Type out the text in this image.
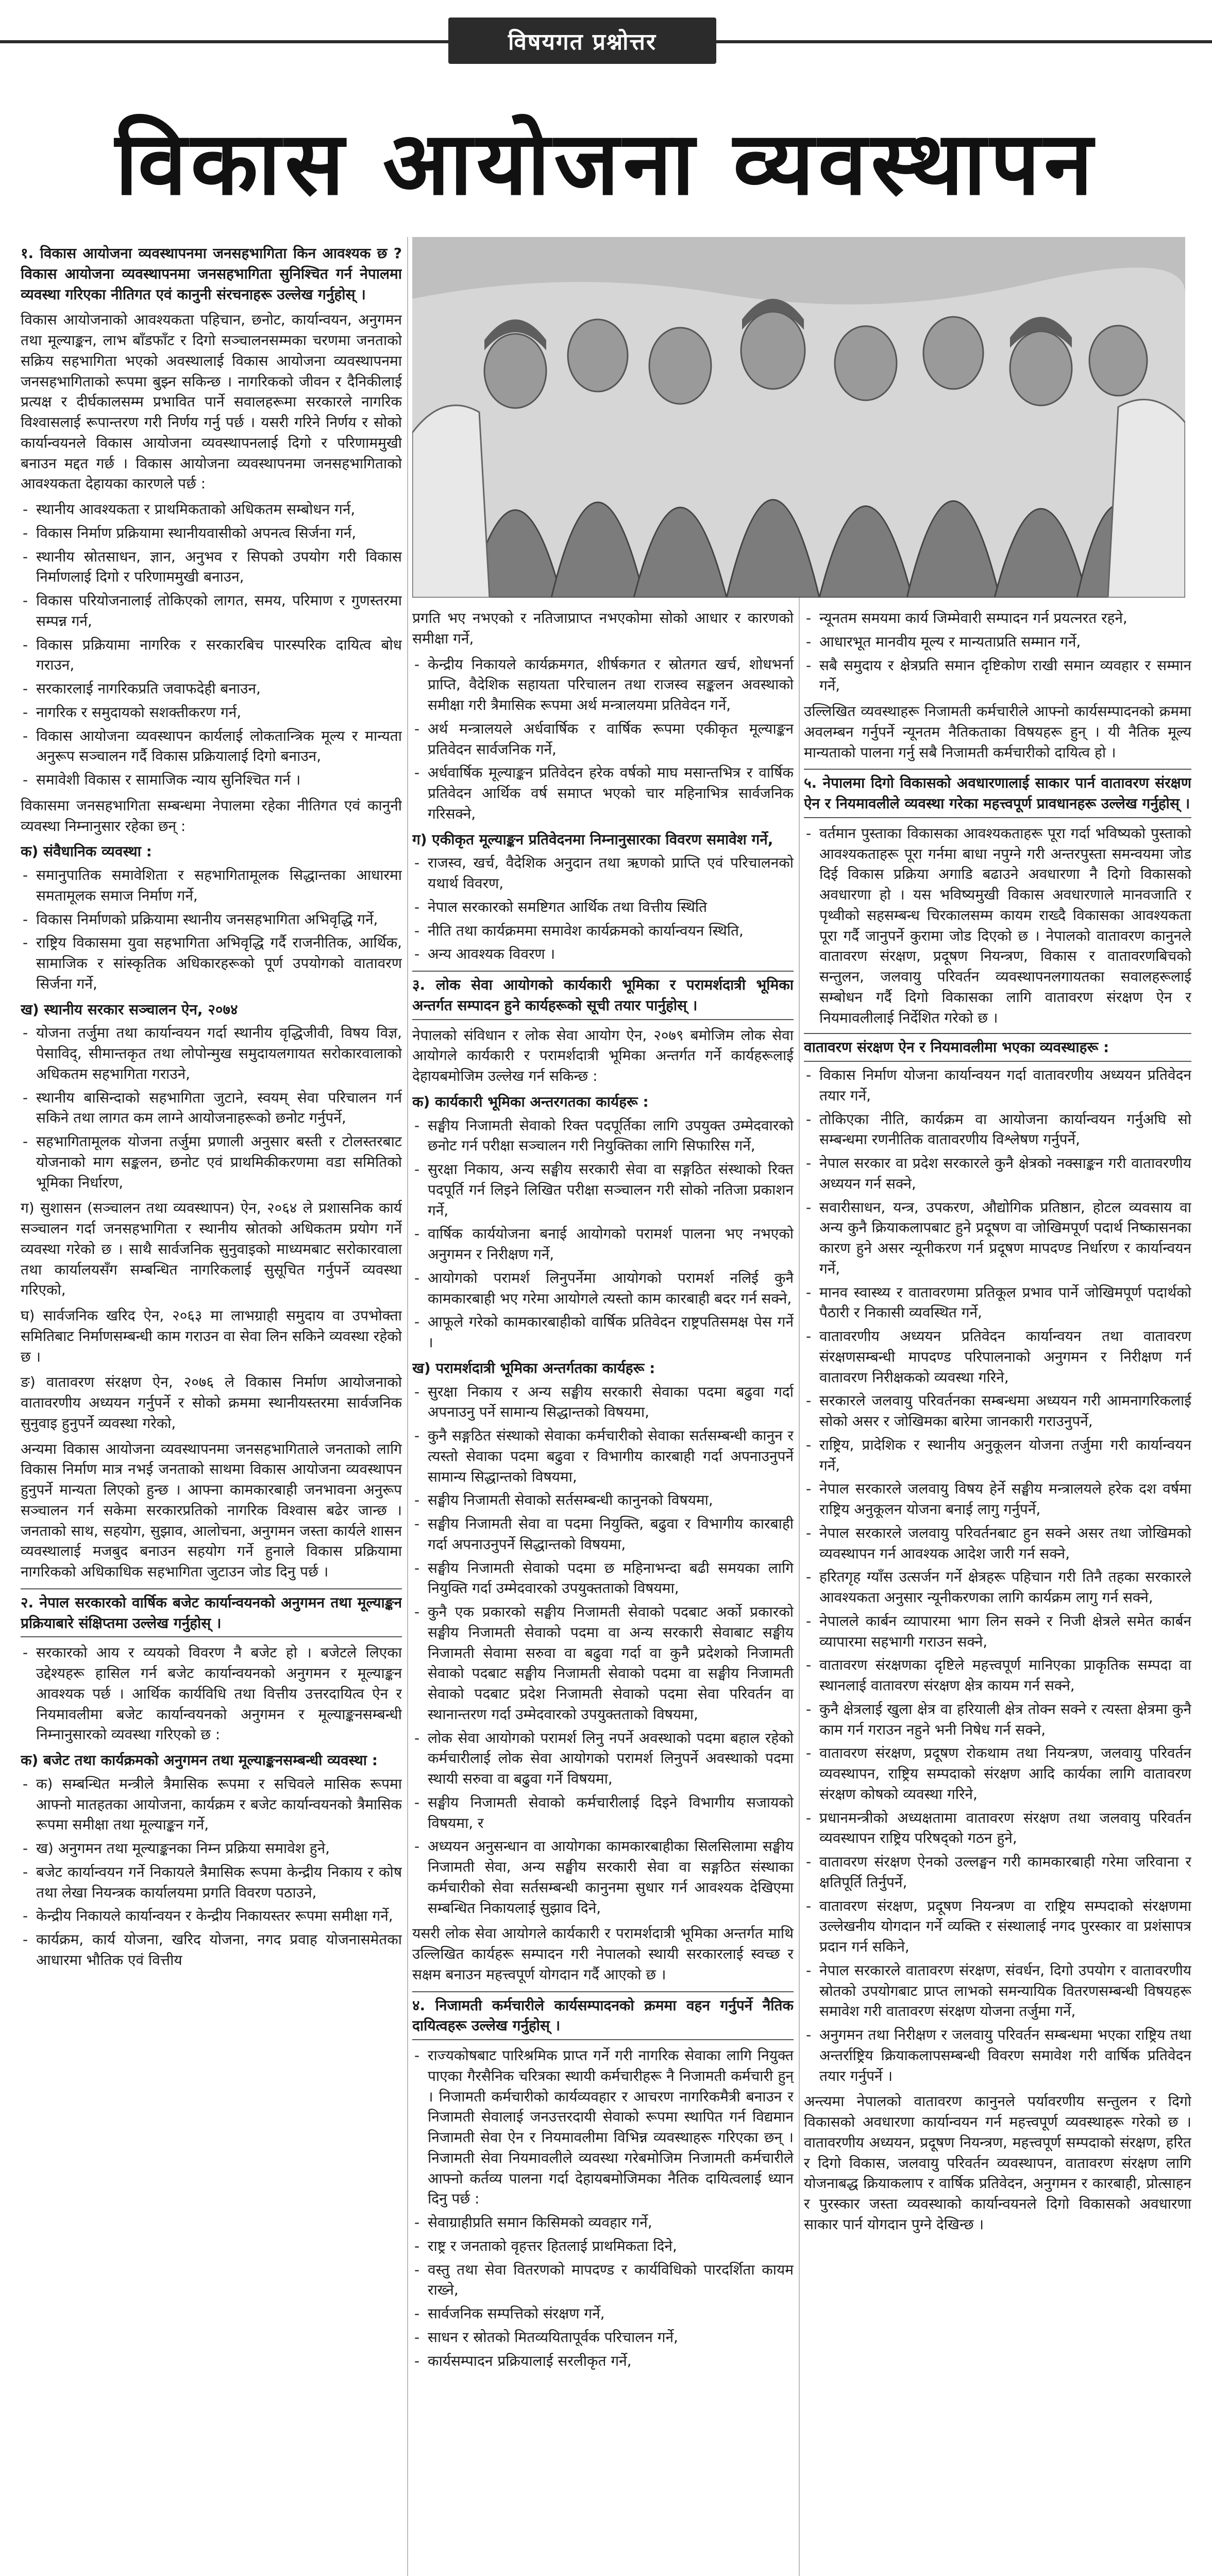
विषयगत प्रश्नोत्तर
विकास आयोजना व्यवस्थापन

१. विकास आयोजना व्यवस्थापनमा जनसहभागिता किन आवश्यक छ ? विकास आयोजना व्यवस्थापनमा जनसहभागिता सुनिश्चित गर्न नेपालमा व्यवस्था गरिएका नीतिगत एवं कानुनी संरचनाहरू उल्लेख गर्नुहोस् ।

विकास आयोजनाको आवश्यकता पहिचान, छनोट, कार्यान्वयन, अनुगमन तथा मूल्याङ्कन, लाभ बाँडफाँट र दिगो सञ्चालनसम्मका चरणमा जनताको सक्रिय सहभागिता भएको अवस्थालाई विकास आयोजना व्यवस्थापनमा जनसहभागिताको रूपमा बुझ्न सकिन्छ । नागरिकको जीवन र दैनिकीलाई प्रत्यक्ष र दीर्घकालसम्म प्रभावित पार्ने सवालहरूमा सरकारले नागरिक विश्वासलाई रूपान्तरण गरी निर्णय गर्नु पर्छ । यसरी गरिने निर्णय र सोको कार्यान्वयनले विकास आयोजना व्यवस्थापनलाई दिगो र परिणाममुखी बनाउन मद्दत गर्छ । विकास आयोजना व्यवस्थापनमा जनसहभागिताको आवश्यकता देहायका कारणले पर्छ :

- स्थानीय आवश्यकता र प्राथमिकताको अधिकतम सम्बोधन गर्न,
- विकास निर्माण प्रक्रियामा स्थानीयवासीको अपनत्व सिर्जना गर्न,
- स्थानीय स्रोतसाधन, ज्ञान, अनुभव र सिपको उपयोग गरी विकास निर्माणलाई दिगो र परिणाममुखी बनाउन,
- विकास परियोजनालाई तोकिएको लागत, समय, परिमाण र गुणस्तरमा सम्पन्न गर्न,
- विकास प्रक्रियामा नागरिक र सरकारबिच पारस्परिक दायित्व बोध गराउन,
- सरकारलाई नागरिकप्रति जवाफदेही बनाउन,
- नागरिक र समुदायको सशक्तीकरण गर्न,
- विकास आयोजना व्यवस्थापन कार्यलाई लोकतान्त्रिक मूल्य र मान्यता अनुरूप सञ्चालन गर्दै विकास प्रक्रियालाई दिगो बनाउन,
- समावेशी विकास र सामाजिक न्याय सुनिश्चित गर्न ।

विकासमा जनसहभागिता सम्बन्धमा नेपालमा रहेका नीतिगत एवं कानुनी व्यवस्था निम्नानुसार रहेका छन् :

क) संवैधानिक व्यवस्था :

- समानुपातिक समावेशिता र सहभागितामूलक सिद्धान्तका आधारमा समतामूलक समाज निर्माण गर्ने,
- विकास निर्माणको प्रक्रियामा स्थानीय जनसहभागिता अभिवृद्धि गर्ने,
- राष्ट्रिय विकासमा युवा सहभागिता अभिवृद्धि गर्दै राजनीतिक, आर्थिक, सामाजिक र सांस्कृतिक अधिकारहरूको पूर्ण उपयोगको वातावरण सिर्जना गर्ने,

ख) स्थानीय सरकार सञ्चालन ऐन, २०७४

- योजना तर्जुमा तथा कार्यान्वयन गर्दा स्थानीय वृद्धिजीवी, विषय विज्ञ, पेसाविद्, सीमान्तकृत तथा लोपोन्मुख समुदायलगायत सरोकारवालाको अधिकतम सहभागिता गराउने,
- स्थानीय बासिन्दाको सहभागिता जुटाने, स्वयम् सेवा परिचालन गर्न सकिने तथा लागत कम लाग्ने आयोजनाहरूको छनोट गर्नुपर्ने,
- सहभागितामूलक योजना तर्जुमा प्रणाली अनुसार बस्ती र टोलस्तरबाट योजनाको माग सङ्कलन, छनोट एवं प्राथमिकीकरणमा वडा समितिको भूमिका निर्धारण,

ग) सुशासन (सञ्चालन तथा व्यवस्थापन) ऐन, २०६४ ले प्रशासनिक कार्य सञ्चालन गर्दा जनसहभागिता र स्थानीय स्रोतको अधिकतम प्रयोग गर्ने व्यवस्था गरेको छ । साथै सार्वजनिक सुनुवाइको माध्यमबाट सरोकारवाला तथा कार्यालयसँग सम्बन्धित नागरिकलाई सुसूचित गर्नुपर्ने व्यवस्था गरिएको,

घ) सार्वजनिक खरिद ऐन, २०६३ मा लाभग्राही समुदाय वा उपभोक्ता समितिबाट निर्माणसम्बन्धी काम गराउन वा सेवा लिन सकिने व्यवस्था रहेको छ ।

ङ) वातावरण संरक्षण ऐन, २०७६ ले विकास निर्माण आयोजनाको वातावरणीय अध्ययन गर्नुपर्ने र सोको क्रममा स्थानीयस्तरमा सार्वजनिक सुनुवाइ हुनुपर्ने व्यवस्था गरेको,

अन्यमा विकास आयोजना व्यवस्थापनमा जनसहभागिताले जनताको लागि विकास निर्माण मात्र नभई जनताको साथमा विकास आयोजना व्यवस्थापन हुनुपर्ने मान्यता लिएको हुन्छ । आफ्ना कामकारबाही जनभावना अनुरूप सञ्चालन गर्न सकेमा सरकारप्रतिको नागरिक विश्वास बढेर जान्छ । जनताको साथ, सहयोग, सुझाव, आलोचना, अनुगमन जस्ता कार्यले शासन व्यवस्थालाई मजबुद बनाउन सहयोग गर्ने हुनाले विकास प्रक्रियामा नागरिकको अधिकाधिक सहभागिता जुटाउन जोड दिनु पर्छ ।

२. नेपाल सरकारको वार्षिक बजेट कार्यान्वयनको अनुगमन तथा मूल्याङ्कन प्रक्रियाबारे संक्षिप्तमा उल्लेख गर्नुहोस् ।

- सरकारको आय र व्ययको विवरण नै बजेट हो । बजेटले लिएका उद्देश्यहरू हासिल गर्न बजेट कार्यान्वयनको अनुगमन र मूल्याङ्कन आवश्यक पर्छ । आर्थिक कार्यविधि तथा वित्तीय उत्तरदायित्व ऐन र नियमावलीमा बजेट कार्यान्वयनको अनुगमन र मूल्याङ्कनसम्बन्धी निम्नानुसारको व्यवस्था गरिएको छ :

क) बजेट तथा कार्यक्रमको अनुगमन तथा मूल्याङ्कनसम्बन्धी व्यवस्था :

- क) सम्बन्धित मन्त्रीले त्रैमासिक रूपमा र सचिवले मासिक रूपमा आफ्नो मातहतका आयोजना, कार्यक्रम र बजेट कार्यान्वयनको त्रैमासिक रूपमा समीक्षा तथा मूल्याङ्कन गर्ने,
- ख) अनुगमन तथा मूल्याङ्कनका निम्न प्रक्रिया समावेश हुने,
- बजेट कार्यान्वयन गर्ने निकायले त्रैमासिक रूपमा केन्द्रीय निकाय र कोष तथा लेखा नियन्त्रक कार्यालयमा प्रगति विवरण पठाउने,
- केन्द्रीय निकायले कार्यान्वयन र केन्द्रीय निकायस्तर रूपमा समीक्षा गर्ने,
- कार्यक्रम, कार्य योजना, खरिद योजना, नगद प्रवाह योजनासमेतका आधारमा भौतिक एवं वित्तीय

प्रगति भए नभएको र नतिजाप्राप्त नभएकोमा सोको आधार र कारणको समीक्षा गर्ने,

- केन्द्रीय निकायले कार्यक्रमगत, शीर्षकगत र स्रोतगत खर्च, शोधभर्ना प्राप्ति, वैदेशिक सहायता परिचालन तथा राजस्व सङ्कलन अवस्थाको समीक्षा गरी त्रैमासिक रूपमा अर्थ मन्त्रालयमा प्रतिवेदन गर्ने,
- अर्थ मन्त्रालयले अर्धवार्षिक र वार्षिक रूपमा एकीकृत मूल्याङ्कन प्रतिवेदन सार्वजनिक गर्ने,
- अर्धवार्षिक मूल्याङ्कन प्रतिवेदन हरेक वर्षको माघ मसान्तभित्र र वार्षिक प्रतिवेदन आर्थिक वर्ष समाप्त भएको चार महिनाभित्र सार्वजनिक गरिसक्ने,

ग) एकीकृत मूल्याङ्कन प्रतिवेदनमा निम्नानुसारका विवरण समावेश गर्ने,

- राजस्व, खर्च, वैदेशिक अनुदान तथा ऋणको प्राप्ति एवं परिचालनको यथार्थ विवरण,
- नेपाल सरकारको समष्टिगत आर्थिक तथा वित्तीय स्थिति
- नीति तथा कार्यक्रममा समावेश कार्यक्रमको कार्यान्वयन स्थिति,
- अन्य आवश्यक विवरण ।

३. लोक सेवा आयोगको कार्यकारी भूमिका र परामर्शदात्री भूमिका अन्तर्गत सम्पादन हुने कार्यहरूको सूची तयार पार्नुहोस् ।

नेपालको संविधान र लोक सेवा आयोग ऐन, २०७९ बमोजिम लोक सेवा आयोगले कार्यकारी र परामर्शदात्री भूमिका अन्तर्गत गर्ने कार्यहरूलाई देहायबमोजिम उल्लेख गर्न सकिन्छ :

क) कार्यकारी भूमिका अन्तरगतका कार्यहरू :

- सङ्घीय निजामती सेवाको रिक्त पदपूर्तिका लागि उपयुक्त उम्मेदवारको छनोट गर्न परीक्षा सञ्चालन गरी नियुक्तिका लागि सिफारिस गर्ने,
- सुरक्षा निकाय, अन्य सङ्घीय सरकारी सेवा वा सङ्गठित संस्थाको रिक्त पदपूर्ति गर्न लिइने लिखित परीक्षा सञ्चालन गरी सोको नतिजा प्रकाशन गर्ने,
- वार्षिक कार्ययोजना बनाई आयोगको परामर्श पालना भए नभएको अनुगमन र निरीक्षण गर्ने,
- आयोगको परामर्श लिनुपर्नेमा आयोगको परामर्श नलिई कुनै कामकारबाही भए गरेमा आयोगले त्यस्तो काम कारबाही बदर गर्न सक्ने,
- आफूले गरेको कामकारबाहीको वार्षिक प्रतिवेदन राष्ट्रपतिसमक्ष पेस गर्ने ।

ख) परामर्शदात्री भूमिका अन्तर्गतका कार्यहरू :

- सुरक्षा निकाय र अन्य सङ्घीय सरकारी सेवाका पदमा बढुवा गर्दा अपनाउनु पर्ने सामान्य सिद्धान्तको विषयमा,
- कुनै सङ्गठित संस्थाको सेवाका कर्मचारीको सेवाका सर्तसम्बन्धी कानुन र त्यस्तो सेवाका पदमा बढुवा र विभागीय कारबाही गर्दा अपनाउनुपर्ने सामान्य सिद्धान्तको विषयमा,
- सङ्घीय निजामती सेवाको सर्तसम्बन्धी कानुनको विषयमा,
- सङ्घीय निजामती सेवा वा पदमा नियुक्ति, बढुवा र विभागीय कारबाही गर्दा अपनाउनुपर्ने सिद्धान्तको विषयमा,
- सङ्घीय निजामती सेवाको पदमा छ महिनाभन्दा बढी समयका लागि नियुक्ति गर्दा उम्मेदवारको उपयुक्तताको विषयमा,
- कुनै एक प्रकारको सङ्घीय निजामती सेवाको पदबाट अर्को प्रकारको सङ्घीय निजामती सेवाको पदमा वा अन्य सरकारी सेवाबाट सङ्घीय निजामती सेवामा सरुवा वा बढुवा गर्दा वा कुनै प्रदेशको निजामती सेवाको पदबाट सङ्घीय निजामती सेवाको पदमा वा सङ्घीय निजामती सेवाको पदबाट प्रदेश निजामती सेवाको पदमा सेवा परिवर्तन वा स्थानान्तरण गर्दा उम्मेदवारको उपयुक्तताको विषयमा,
- लोक सेवा आयोगको परामर्श लिनु नपर्ने अवस्थाको पदमा बहाल रहेको कर्मचारीलाई लोक सेवा आयोगको परामर्श लिनुपर्ने अवस्थाको पदमा स्थायी सरुवा वा बढुवा गर्ने विषयमा,
- सङ्घीय निजामती सेवाको कर्मचारीलाई दिइने विभागीय सजायको विषयमा, र
- अध्ययन अनुसन्धान वा आयोगका कामकारबाहीका सिलसिलामा सङ्घीय निजामती सेवा, अन्य सङ्घीय सरकारी सेवा वा सङ्गठित संस्थाका कर्मचारीको सेवा सर्तसम्बन्धी कानुनमा सुधार गर्न आवश्यक देखिएमा सम्बन्धित निकायलाई सुझाव दिने,

यसरी लोक सेवा आयोगले कार्यकारी र परामर्शदात्री भूमिका अन्तर्गत माथि उल्लिखित कार्यहरू सम्पादन गरी नेपालको स्थायी सरकारलाई स्वच्छ र सक्षम बनाउन महत्त्वपूर्ण योगदान गर्दै आएको छ ।

४. निजामती कर्मचारीले कार्यसम्पादनको क्रममा वहन गर्नुपर्ने नैतिक दायित्वहरू उल्लेख गर्नुहोस् ।

- राज्यकोषबाट पारिश्रमिक प्राप्त गर्ने गरी नागरिक सेवाका लागि नियुक्त पाएका गैरसैनिक चरित्रका स्थायी कर्मचारीहरू नै निजामती कर्मचारी हुन् । निजामती कर्मचारीको कार्यव्यवहार र आचरण नागरिकमैत्री बनाउन र निजामती सेवालाई जनउत्तरदायी सेवाको रूपमा स्थापित गर्न विद्यमान निजामती सेवा ऐन र नियमावलीमा विभिन्न व्यवस्थाहरू गरिएका छन् । निजामती सेवा नियमावलीले व्यवस्था गरेबमोजिम निजामती कर्मचारीले आफ्नो कर्तव्य पालना गर्दा देहायबमोजिमका नैतिक दायित्वलाई ध्यान दिनु पर्छ :
- सेवाग्राहीप्रति समान किसिमको व्यवहार गर्ने,
- राष्ट्र र जनताको वृहत्तर हितलाई प्राथमिकता दिने,
- वस्तु तथा सेवा वितरणको मापदण्ड र कार्यविधिको पारदर्शिता कायम राख्ने,
- सार्वजनिक सम्पत्तिको संरक्षण गर्ने,
- साधन र स्रोतको मितव्ययितापूर्वक परिचालन गर्ने,
- कार्यसम्पादन प्रक्रियालाई सरलीकृत गर्ने,
- न्यूनतम समयमा कार्य जिम्मेवारी सम्पादन गर्न प्रयत्नरत रहने,
- आधारभूत मानवीय मूल्य र मान्यताप्रति सम्मान गर्ने,
- सबै समुदाय र क्षेत्रप्रति समान दृष्टिकोण राखी समान व्यवहार र सम्मान गर्ने,

उल्लिखित व्यवस्थाहरू निजामती कर्मचारीले आफ्नो कार्यसम्पादनको क्रममा अवलम्बन गर्नुपर्ने न्यूनतम नैतिकताका विषयहरू हुन् । यी नैतिक मूल्य मान्यताको पालना गर्नु सबै निजामती कर्मचारीको दायित्व हो ।

५. नेपालमा दिगो विकासको अवधारणालाई साकार पार्न वातावरण संरक्षण ऐन र नियमावलीले व्यवस्था गरेका महत्त्वपूर्ण प्रावधानहरू उल्लेख गर्नुहोस् ।

- वर्तमान पुस्ताका विकासका आवश्यकताहरू पूरा गर्दा भविष्यको पुस्ताको आवश्यकताहरू पूरा गर्नमा बाधा नपुग्ने गरी अन्तरपुस्ता समन्वयमा जोड दिई विकास प्रक्रिया अगाडि बढाउने अवधारणा नै दिगो विकासको अवधारणा हो । यस भविष्यमुखी विकास अवधारणाले मानवजाति र पृथ्वीको सहसम्बन्ध चिरकालसम्म कायम राख्दै विकासका आवश्यकता पूरा गर्दै जानुपर्ने कुरामा जोड दिएको छ । नेपालको वातावरण कानुनले वातावरण संरक्षण, प्रदूषण नियन्त्रण, विकास र वातावरणबिचको सन्तुलन, जलवायु परिवर्तन व्यवस्थापनलगायतका सवालहरूलाई सम्बोधन गर्दै दिगो विकासका लागि वातावरण संरक्षण ऐन र नियमावलीलाई निर्देशित गरेको छ ।

वातावरण संरक्षण ऐन र नियमावलीमा भएका व्यवस्थाहरू :

- विकास निर्माण योजना कार्यान्वयन गर्दा वातावरणीय अध्ययन प्रतिवेदन तयार गर्ने,
- तोकिएका नीति, कार्यक्रम वा आयोजना कार्यान्वयन गर्नुअघि सो सम्बन्धमा रणनीतिक वातावरणीय विश्लेषण गर्नुपर्ने,
- नेपाल सरकार वा प्रदेश सरकारले कुनै क्षेत्रको नक्साङ्कन गरी वातावरणीय अध्ययन गर्न सक्ने,
- सवारीसाधन, यन्त्र, उपकरण, औद्योगिक प्रतिष्ठान, होटल व्यवसाय वा अन्य कुनै क्रियाकलापबाट हुने प्रदूषण वा जोखिमपूर्ण पदार्थ निष्कासनका कारण हुने असर न्यूनीकरण गर्न प्रदूषण मापदण्ड निर्धारण र कार्यान्वयन गर्ने,
- मानव स्वास्थ्य र वातावरणमा प्रतिकूल प्रभाव पार्ने जोखिमपूर्ण पदार्थको पैठारी र निकासी व्यवस्थित गर्ने,
- वातावरणीय अध्ययन प्रतिवेदन कार्यान्वयन तथा वातावरण संरक्षणसम्बन्धी मापदण्ड परिपालनाको अनुगमन र निरीक्षण गर्न वातावरण निरीक्षकको व्यवस्था गरिने,
- सरकारले जलवायु परिवर्तनका सम्बन्धमा अध्ययन गरी आमनागरिकलाई सोको असर र जोखिमका बारेमा जानकारी गराउनुपर्ने,
- राष्ट्रिय, प्रादेशिक र स्थानीय अनुकूलन योजना तर्जुमा गरी कार्यान्वयन गर्ने,
- नेपाल सरकारले जलवायु विषय हेर्ने सङ्घीय मन्त्रालयले हरेक दश वर्षमा राष्ट्रिय अनुकूलन योजना बनाई लागु गर्नुपर्ने,
- नेपाल सरकारले जलवायु परिवर्तनबाट हुन सक्ने असर तथा जोखिमको व्यवस्थापन गर्न आवश्यक आदेश जारी गर्न सक्ने,
- हरितगृह ग्याँस उत्सर्जन गर्ने क्षेत्रहरू पहिचान गरी तिनै तहका सरकारले आवश्यकता अनुसार न्यूनीकरणका लागि कार्यक्रम लागु गर्न सक्ने,
- नेपालले कार्बन व्यापारमा भाग लिन सक्ने र निजी क्षेत्रले समेत कार्बन व्यापारमा सहभागी गराउन सक्ने,
- वातावरण संरक्षणका दृष्टिले महत्त्वपूर्ण मानिएका प्राकृतिक सम्पदा वा स्थानलाई वातावरण संरक्षण क्षेत्र कायम गर्न सक्ने,
- कुनै क्षेत्रलाई खुला क्षेत्र वा हरियाली क्षेत्र तोक्न सक्ने र त्यस्ता क्षेत्रमा कुनै काम गर्न गराउन नहुने भनी निषेध गर्न सक्ने,
- वातावरण संरक्षण, प्रदूषण रोकथाम तथा नियन्त्रण, जलवायु परिवर्तन व्यवस्थापन, राष्ट्रिय सम्पदाको संरक्षण आदि कार्यका लागि वातावरण संरक्षण कोषको व्यवस्था गरिने,
- प्रधानमन्त्रीको अध्यक्षतामा वातावरण संरक्षण तथा जलवायु परिवर्तन व्यवस्थापन राष्ट्रिय परिषद्को गठन हुने,
- वातावरण संरक्षण ऐनको उल्लङ्घन गरी कामकारबाही गरेमा जरिवाना र क्षतिपूर्ति तिर्नुपर्ने,
- वातावरण संरक्षण, प्रदूषण नियन्त्रण वा राष्ट्रिय सम्पदाको संरक्षणमा उल्लेखनीय योगदान गर्ने व्यक्ति र संस्थालाई नगद पुरस्कार वा प्रशंसापत्र प्रदान गर्न सकिने,
- नेपाल सरकारले वातावरण संरक्षण, संवर्धन, दिगो उपयोग र वातावरणीय स्रोतको उपयोगबाट प्राप्त लाभको समन्यायिक वितरणसम्बन्धी विषयहरू समावेश गरी वातावरण संरक्षण योजना तर्जुमा गर्ने,
- अनुगमन तथा निरीक्षण र जलवायु परिवर्तन सम्बन्धमा भएका राष्ट्रिय तथा अन्तर्राष्ट्रिय क्रियाकलापसम्बन्धी विवरण समावेश गरी वार्षिक प्रतिवेदन तयार गर्नुपर्ने ।

अन्त्यमा नेपालको वातावरण कानुनले पर्यावरणीय सन्तुलन र दिगो विकासको अवधारणा कार्यान्वयन गर्न महत्त्वपूर्ण व्यवस्थाहरू गरेको छ । वातावरणीय अध्ययन, प्रदूषण नियन्त्रण, महत्त्वपूर्ण सम्पदाको संरक्षण, हरित र दिगो विकास, जलवायु परिवर्तन व्यवस्थापन, वातावरण संरक्षण लागि योजनाबद्ध क्रियाकलाप र वार्षिक प्रतिवेदन, अनुगमन र कारबाही, प्रोत्साहन र पुरस्कार जस्ता व्यवस्थाको कार्यान्वयनले दिगो विकासको अवधारणा साकार पार्न योगदान पुग्ने देखिन्छ ।
